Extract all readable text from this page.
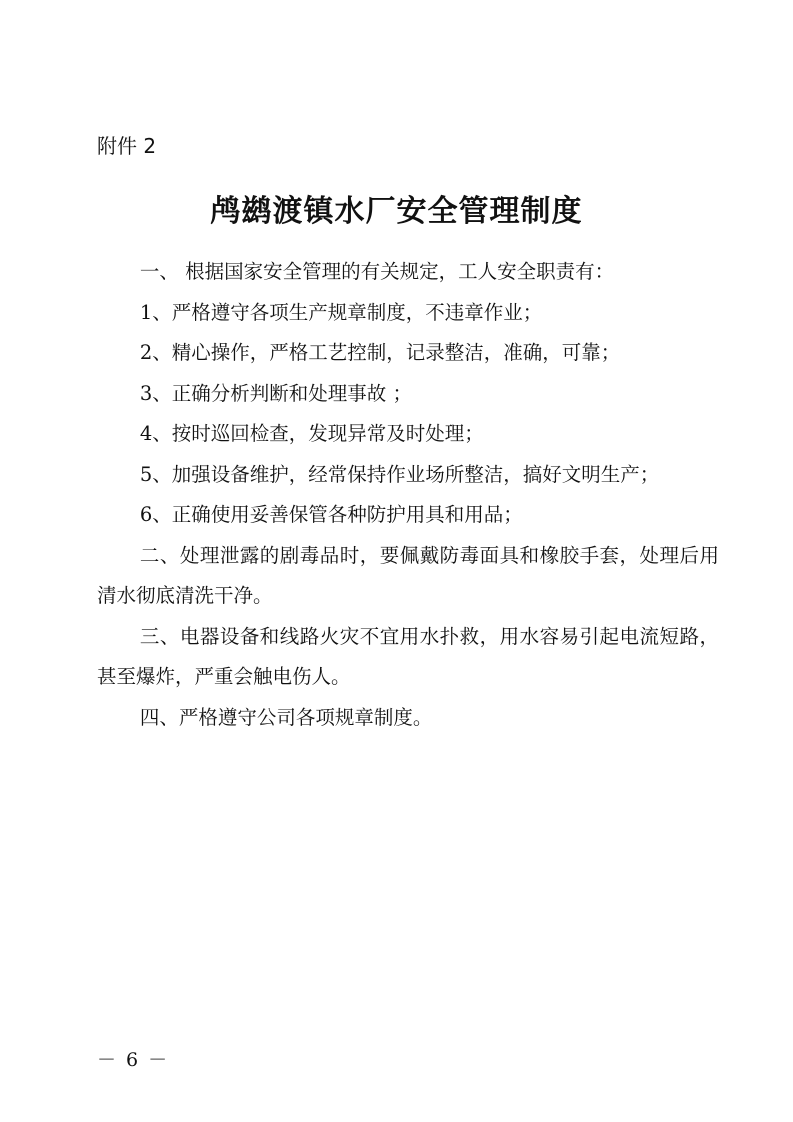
附件 2
鸬鹚渡镇水厂安全管理制度

一、 根据国家安全管理的有关规定，工人安全职责有：

1、严格遵守各项生产规章制度，不违章作业；

2、精心操作，严格工艺控制，记录整洁，准确，可靠；

3、正确分析判断和处理事故 ；

4、按时巡回检查，发现异常及时处理；

5、加强设备维护，经常保持作业场所整洁，搞好文明生产；

6、正确使用妥善保管各种防护用具和用品；

二、处理泄露的剧毒品时，要佩戴防毒面具和橡胶手套，处理后用清水彻底清洗干净。

三、电器设备和线路火灾不宜用水扑救，用水容易引起电流短路，甚至爆炸，严重会触电伤人。

四、严格遵守公司各项规章制度。

－ 6 －
